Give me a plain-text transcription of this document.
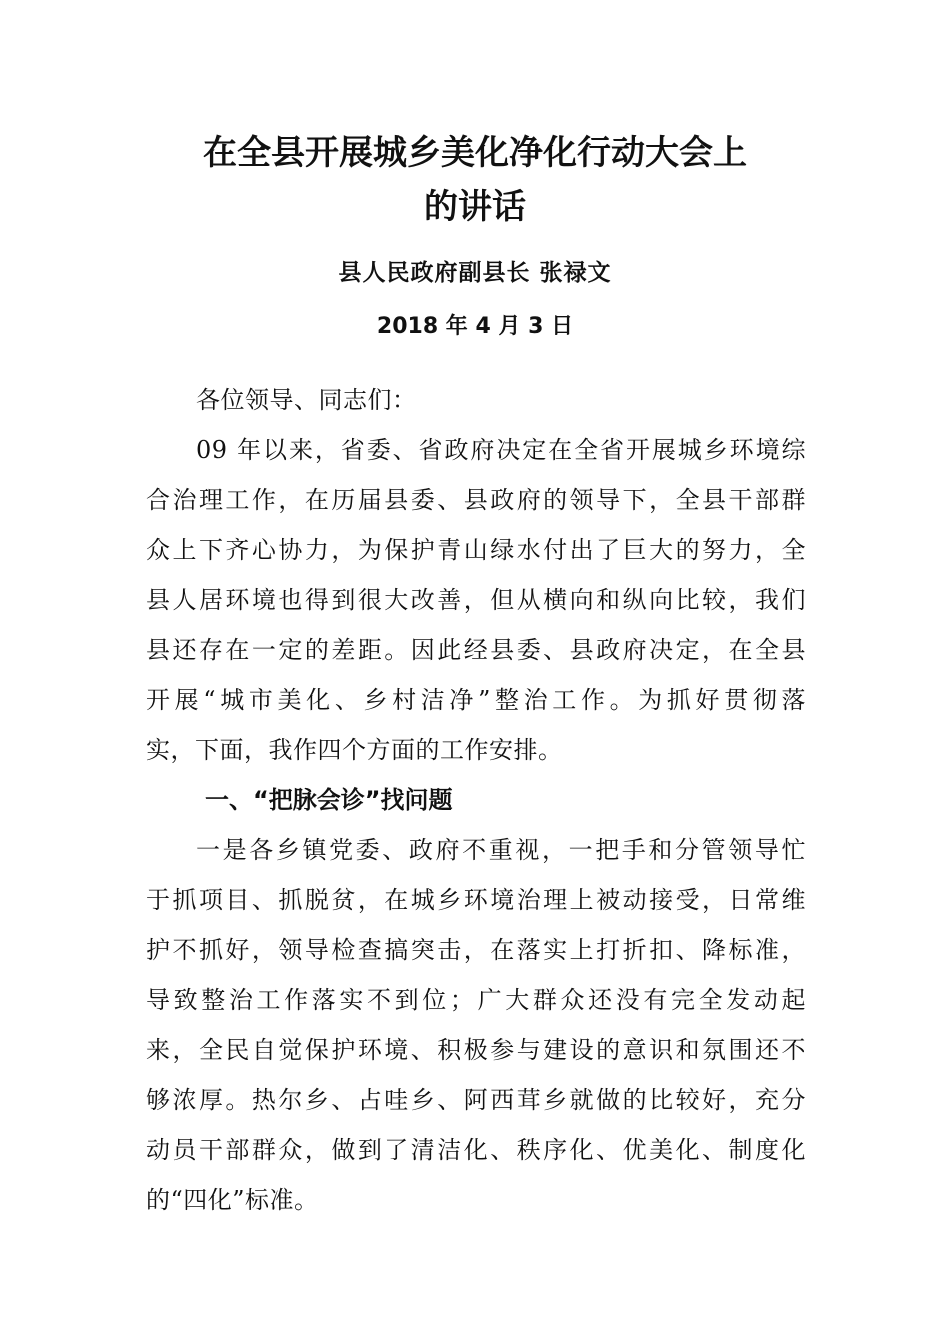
在全县开展城乡美化净化行动大会上
的讲话
县人民政府副县长 张禄文
2018 年 4 月 3 日
各位领导、同志们：
09 年以来，省委、省政府决定在全省开展城乡环境综
合治理工作，在历届县委、县政府的领导下，全县干部群
众上下齐心协力，为保护青山绿水付出了巨大的努力，全
县人居环境也得到很大改善，但从横向和纵向比较，我们
县还存在一定的差距。因此经县委、县政府决定，在全县
开展“城市美化、乡村洁净”整治工作。为抓好贯彻落
实，下面，我作四个方面的工作安排。
一、“把脉会诊”找问题
一是各乡镇党委、政府不重视，一把手和分管领导忙
于抓项目、抓脱贫，在城乡环境治理上被动接受，日常维
护不抓好，领导检查搞突击，在落实上打折扣、降标准，
导致整治工作落实不到位；广大群众还没有完全发动起
来，全民自觉保护环境、积极参与建设的意识和氛围还不
够浓厚。热尔乡、占哇乡、阿西茸乡就做的比较好，充分
动员干部群众，做到了清洁化、秩序化、优美化、制度化
的“四化”标准。
